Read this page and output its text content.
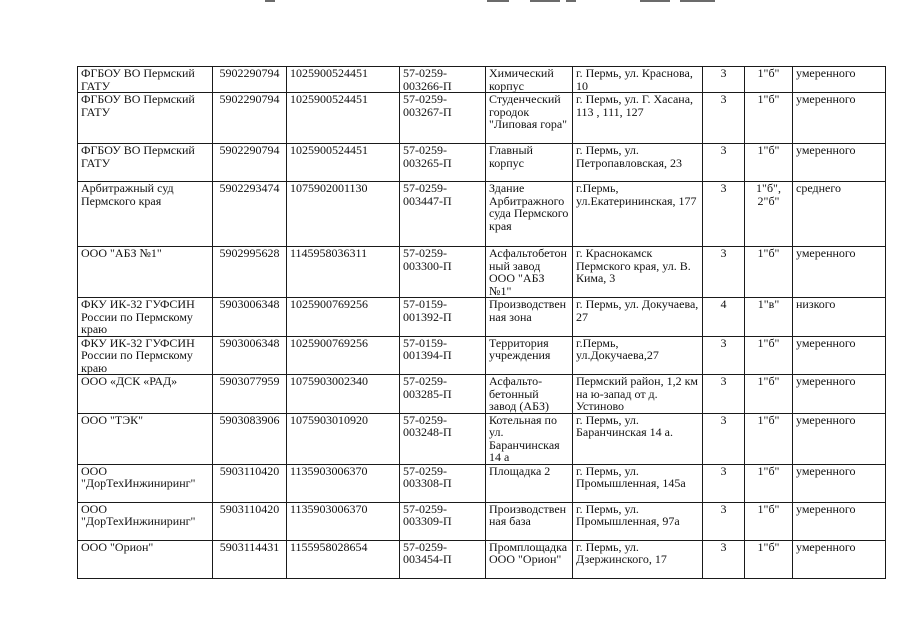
ФГБОУ ВО Пермский ГАТУ	5902290794	1025900524451	57-0259-003266-П	Химический корпус	г. Пермь, ул. Краснова, 10	3	1"б"	умеренного
ФГБОУ ВО Пермский ГАТУ	5902290794	1025900524451	57-0259-003267-П	Студенческий городок "Липовая гора"	г. Пермь, ул. Г. Хасана, 113 , 111, 127	3	1"б"	умеренного
ФГБОУ ВО Пермский ГАТУ	5902290794	1025900524451	57-0259-003265-П	Главный корпус	г. Пермь, ул. Петропавловская, 23	3	1"б"	умеренного
Арбитражный суд Пермского края	5902293474	1075902001130	57-0259-003447-П	Здание Арбитражного суда Пермского края	г.Пермь, ул.Екатерининская, 177	3	1"б", 2"б"	среднего
ООО "АБЗ №1"	5902995628	1145958036311	57-0259-003300-П	Асфальтобетонный завод ООО "АБЗ №1"	г. Краснокамск Пермского края, ул. В. Кима, 3	3	1"б"	умеренного
ФКУ ИК-32 ГУФСИН России по Пермскому краю	5903006348	1025900769256	57-0159-001392-П	Производственная зона	г. Пермь, ул. Докучаева, 27	4	1"в"	низкого
ФКУ ИК-32 ГУФСИН России по Пермскому краю	5903006348	1025900769256	57-0159-001394-П	Территория учреждения	г.Пермь, ул.Докучаева,27	3	1"б"	умеренного
ООО «ДСК «РАД»	5903077959	1075903002340	57-0259-003285-П	Асфальто-бетонный завод (АБЗ)	Пермский район, 1,2 км на ю-запад от д. Устиново	3	1"б"	умеренного
ООО "ТЭК"	5903083906	1075903010920	57-0259-003248-П	Котельная по ул. Баранчинская 14 а	г. Пермь, ул. Баранчинская 14 а.	3	1"б"	умеренного
ООО "ДорТехИнжиниринг"	5903110420	1135903006370	57-0259-003308-П	Площадка 2	г. Пермь, ул. Промышленная, 145а	3	1"б"	умеренного
ООО "ДорТехИнжиниринг"	5903110420	1135903006370	57-0259-003309-П	Производственная база	г. Пермь, ул. Промышленная, 97а	3	1"б"	умеренного
ООО "Орион"	5903114431	1155958028654	57-0259-003454-П	Промплощадка ООО "Орион"	г. Пермь, ул. Дзержинского, 17	3	1"б"	умеренного
